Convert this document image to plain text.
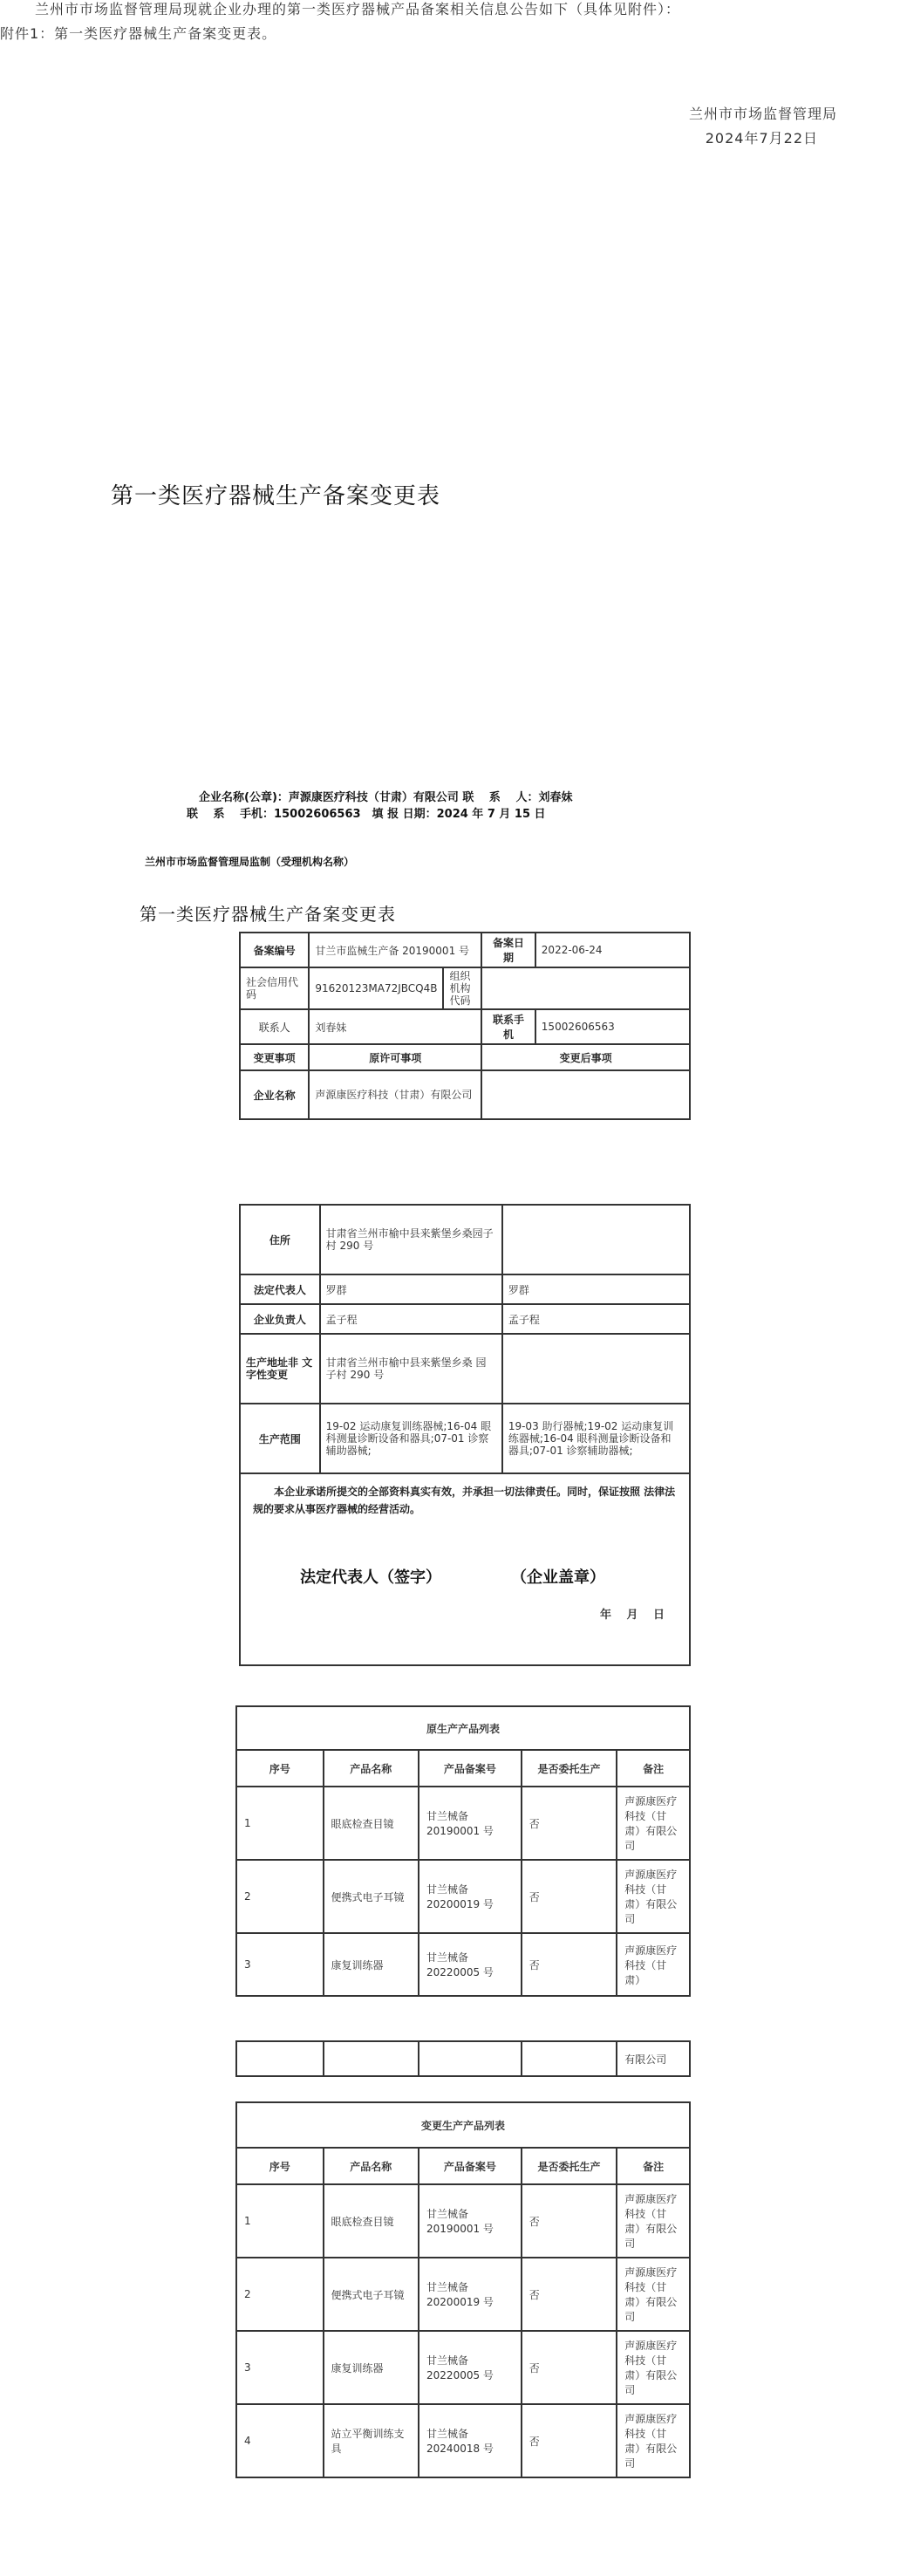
兰州市市场监督管理局现就企业办理的第一类医疗器械产品备案相关信息公告如下（具体见附件）：
附件1：第一类医疗器械生产备案变更表。
兰州市市场监督管理局
2024年7月22日
第一类医疗器械生产备案变更表
企业名称(公章)：声源康医疗科技（甘肃）有限公司 联　 系　 人：刘春妹
联　 系　 手机：15002606563　填 报 日期：2024 年 7 月 15 日
兰州市市场监督管理局监制（受理机构名称）
第一类医疗器械生产备案变更表
备案编号	甘兰市监械生产备 20190001 号		备案日期	2022-06-24
社会信用代码	91620123MA72JBCQ4B	组织机构代码		
联系人	刘春妹		联系手机	15002606563
变更事项	原许可事项		变更后事项	
企业名称	声源康医疗科技（甘肃）有限公司			
住所	甘肃省兰州市榆中县来紫堡乡桑园子村 290 号	
法定代表人	罗群	罗群
企业负责人	孟子程	孟子程
生产地址非 文字性变更	甘肃省兰州市榆中县来紫堡乡桑 园子村 290 号	
生产范围	19-02 运动康复训练器械;16-04 眼 科测量诊断设备和器具;07-01 诊察 辅助器械;	19-03 助行器械;19-02 运动康复训 练器械;16-04 眼科测量诊断设备和 器具;07-01 诊察辅助器械;

本企业承诺所提交的全部资料真实有效，并承担一切法律责任。同时，保证按照 法律法规的要求从事医疗器械的经营活动。
法定代表人（签字） （企业盖章）
年　 月　 日		
原生产产品列表				
序号	产品名称	产品备案号	是否委托生产	备注
1	眼底检查目镜	甘兰械备 20190001 号	否	声源康医疗科技（甘肃）有限公司
2	便携式电子耳镜	甘兰械备 20200019 号	否	声源康医疗科技（甘肃）有限公司
3	康复训练器	甘兰械备 20220005 号	否	声源康医疗科技（甘肃）
				有限公司
变更生产产品列表				
序号	产品名称	产品备案号	是否委托生产	备注
1	眼底检查目镜	甘兰械备 20190001 号	否	声源康医疗科技（甘肃）有限公司
2	便携式电子耳镜	甘兰械备 20200019 号	否	声源康医疗科技（甘肃）有限公司
3	康复训练器	甘兰械备 20220005 号	否	声源康医疗科技（甘肃）有限公司
4	站立平衡训练支具	甘兰械备 20240018 号	否	声源康医疗科技（甘肃）有限公司
